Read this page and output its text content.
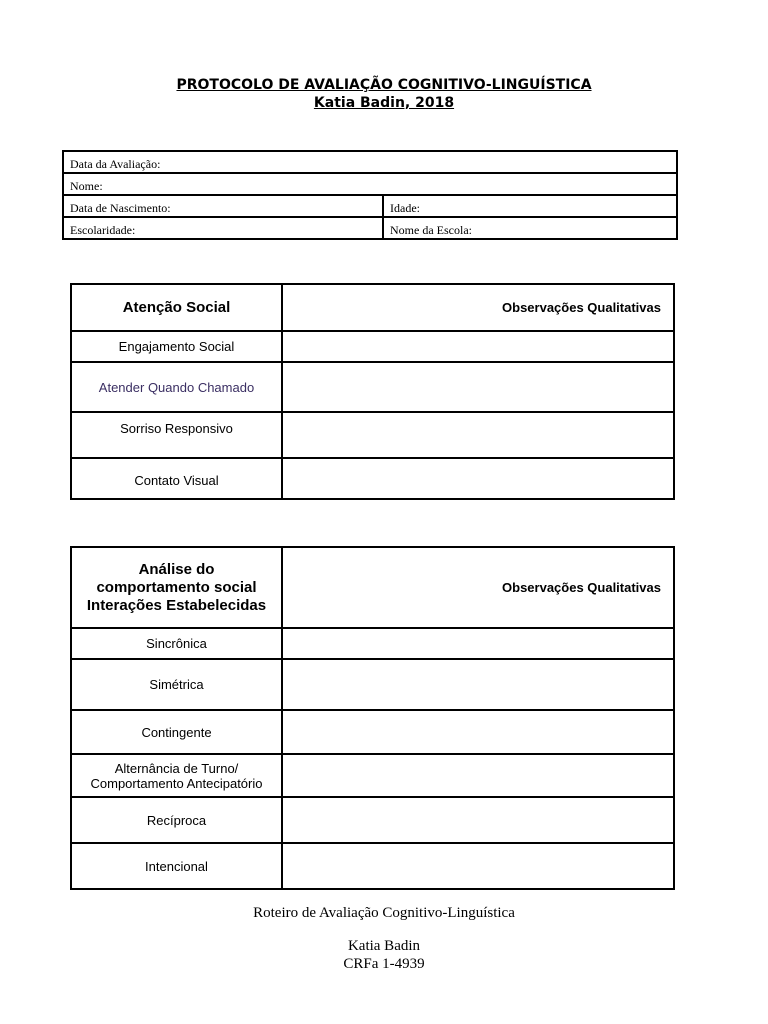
PROTOCOLO DE AVALIAÇÃO COGNITIVO-LINGUÍSTICA
Katia Badin, 2018
Data da Avaliação:	
Nome:	
Data de Nascimento:	Idade:
Escolaridade:	Nome da Escola:
Atenção Social	Observações Qualitativas
Engajamento Social	
Atender Quando Chamado	
Sorriso Responsivo	
Contato Visual	
Análise do
comportamento social
Interações Estabelecidas	Observações Qualitativas
Sincrônica	
Simétrica	
Contingente	

Alternância de Turno/
Comportamento Antecipatório	

Recíproca	
Intencional	
Roteiro de Avaliação Cognitivo-Linguística
Katia Badin
CRFa 1-4939
